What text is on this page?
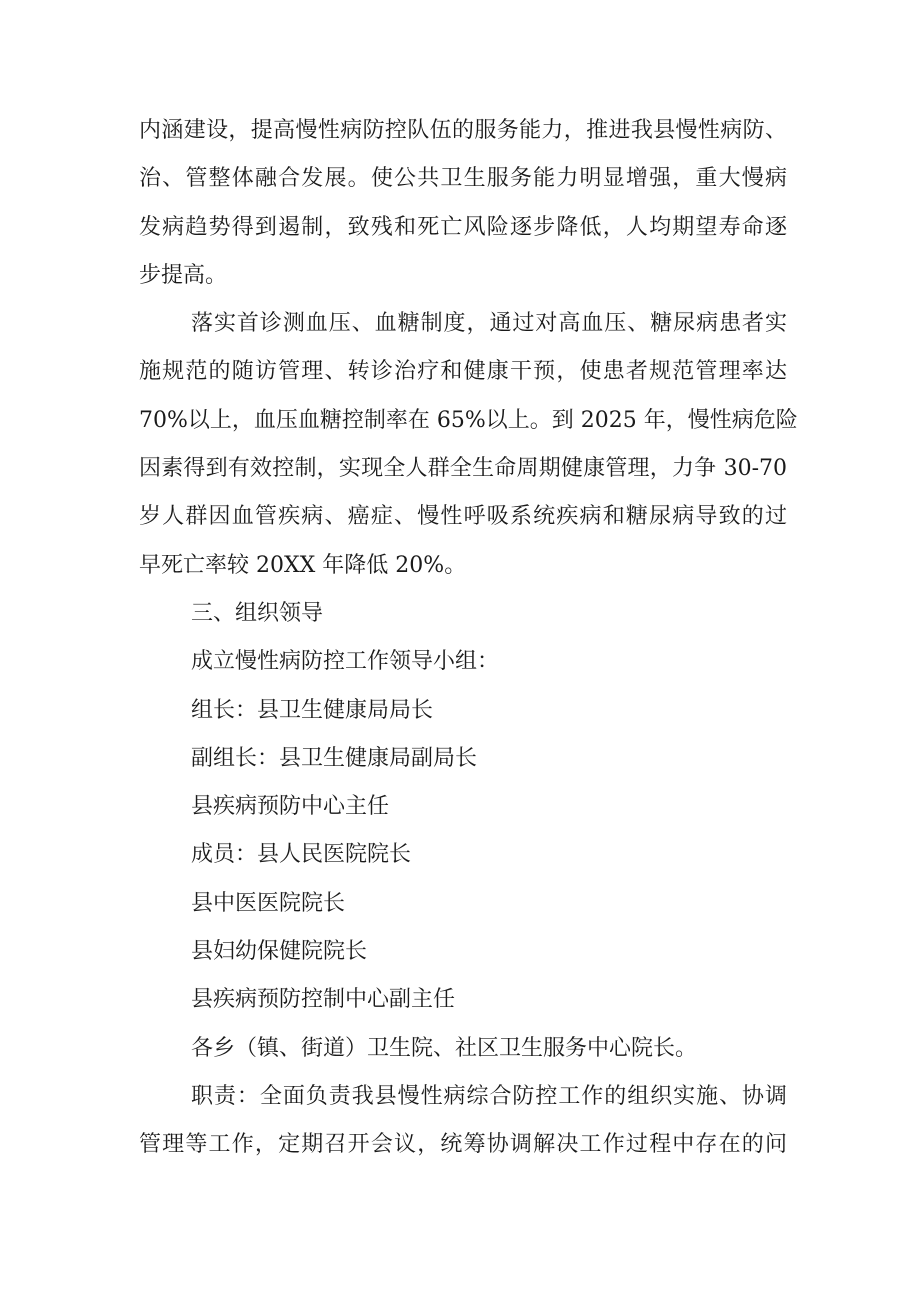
内涵建设，提高慢性病防控队伍的服务能力，推进我县慢性病防、
治、管整体融合发展。使公共卫生服务能力明显增强，重大慢病
发病趋势得到遏制，致残和死亡风险逐步降低，人均期望寿命逐
步提高。
落实首诊测血压、血糖制度，通过对高血压、糖尿病患者实
施规范的随访管理、转诊治疗和健康干预，使患者规范管理率达
70%以上，血压血糖控制率在 65%以上。到 2025 年，慢性病危险
因素得到有效控制，实现全人群全生命周期健康管理，力争 30-70
岁人群因血管疾病、癌症、慢性呼吸系统疾病和糖尿病导致的过
早死亡率较 20XX 年降低 20%。
三、组织领导
成立慢性病防控工作领导小组：
组长：县卫生健康局局长
副组长：县卫生健康局副局长
县疾病预防中心主任
成员：县人民医院院长
县中医医院院长
县妇幼保健院院长
县疾病预防控制中心副主任
各乡（镇、街道）卫生院、社区卫生服务中心院长。
职责：全面负责我县慢性病综合防控工作的组织实施、协调
管理等工作，定期召开会议，统筹协调解决工作过程中存在的问
